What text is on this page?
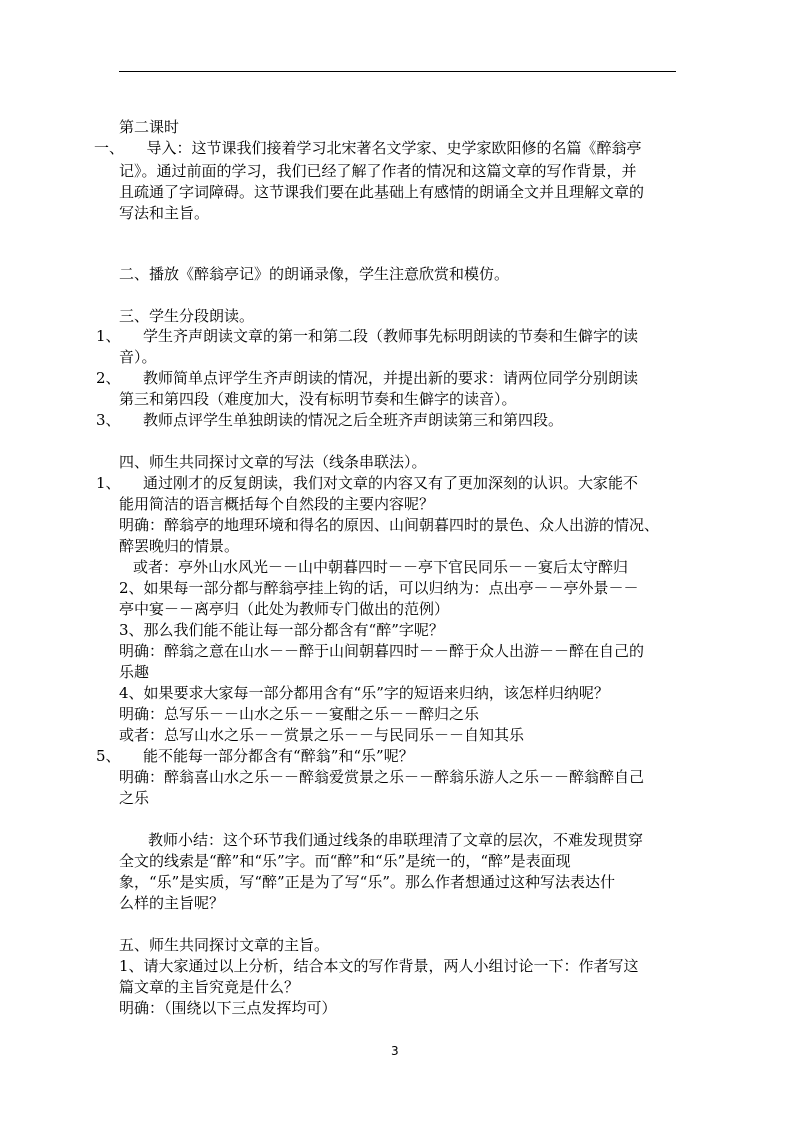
第二课时
一、　　导入：这节课我们接着学习北宋著名文学家、史学家欧阳修的名篇《醉翁亭
记》。通过前面的学习，我们已经了解了作者的情况和这篇文章的写作背景，并
且疏通了字词障碍。这节课我们要在此基础上有感情的朗诵全文并且理解文章的
写法和主旨。
二、播放《醉翁亭记》的朗诵录像，学生注意欣赏和模仿。
三、学生分段朗读。
1、　　学生齐声朗读文章的第一和第二段（教师事先标明朗读的节奏和生僻字的读
音）。
2、　　教师简单点评学生齐声朗读的情况，并提出新的要求：请两位同学分别朗读
第三和第四段（难度加大，没有标明节奏和生僻字的读音）。
3、　　教师点评学生单独朗读的情况之后全班齐声朗读第三和第四段。
四、师生共同探讨文章的写法（线条串联法）。
1、　　通过刚才的反复朗读，我们对文章的内容又有了更加深刻的认识。大家能不
能用简洁的语言概括每个自然段的主要内容呢？
明确：醉翁亭的地理环境和得名的原因、山间朝暮四时的景色、众人出游的情况、
醉罢晚归的情景。
或者：亭外山水风光－－山中朝暮四时－－亭下官民同乐－－宴后太守醉归
2、如果每一部分都与醉翁亭挂上钩的话，可以归纳为：点出亭－－亭外景－－
亭中宴－－离亭归（此处为教师专门做出的范例）
3、那么我们能不能让每一部分都含有“醉”字呢？
明确：醉翁之意在山水－－醉于山间朝暮四时－－醉于众人出游－－醉在自己的
乐趣
4、如果要求大家每一部分都用含有“乐”字的短语来归纳，该怎样归纳呢？
明确：总写乐－－山水之乐－－宴酣之乐－－醉归之乐
或者：总写山水之乐－－赏景之乐－－与民同乐－－自知其乐
5、　　能不能每一部分都含有“醉翁”和“乐”呢？
明确：醉翁喜山水之乐－－醉翁爱赏景之乐－－醉翁乐游人之乐－－醉翁醉自己
之乐
教师小结：这个环节我们通过线条的串联理清了文章的层次，不难发现贯穿
全文的线索是“醉”和“乐”字。而“醉”和“乐”是统一的，“醉”是表面现
象，“乐”是实质，写“醉”正是为了写“乐”。那么作者想通过这种写法表达什
么样的主旨呢？
五、师生共同探讨文章的主旨。
1、请大家通过以上分析，结合本文的写作背景，两人小组讨论一下：作者写这
篇文章的主旨究竟是什么？
明确：（围绕以下三点发挥均可）
3
